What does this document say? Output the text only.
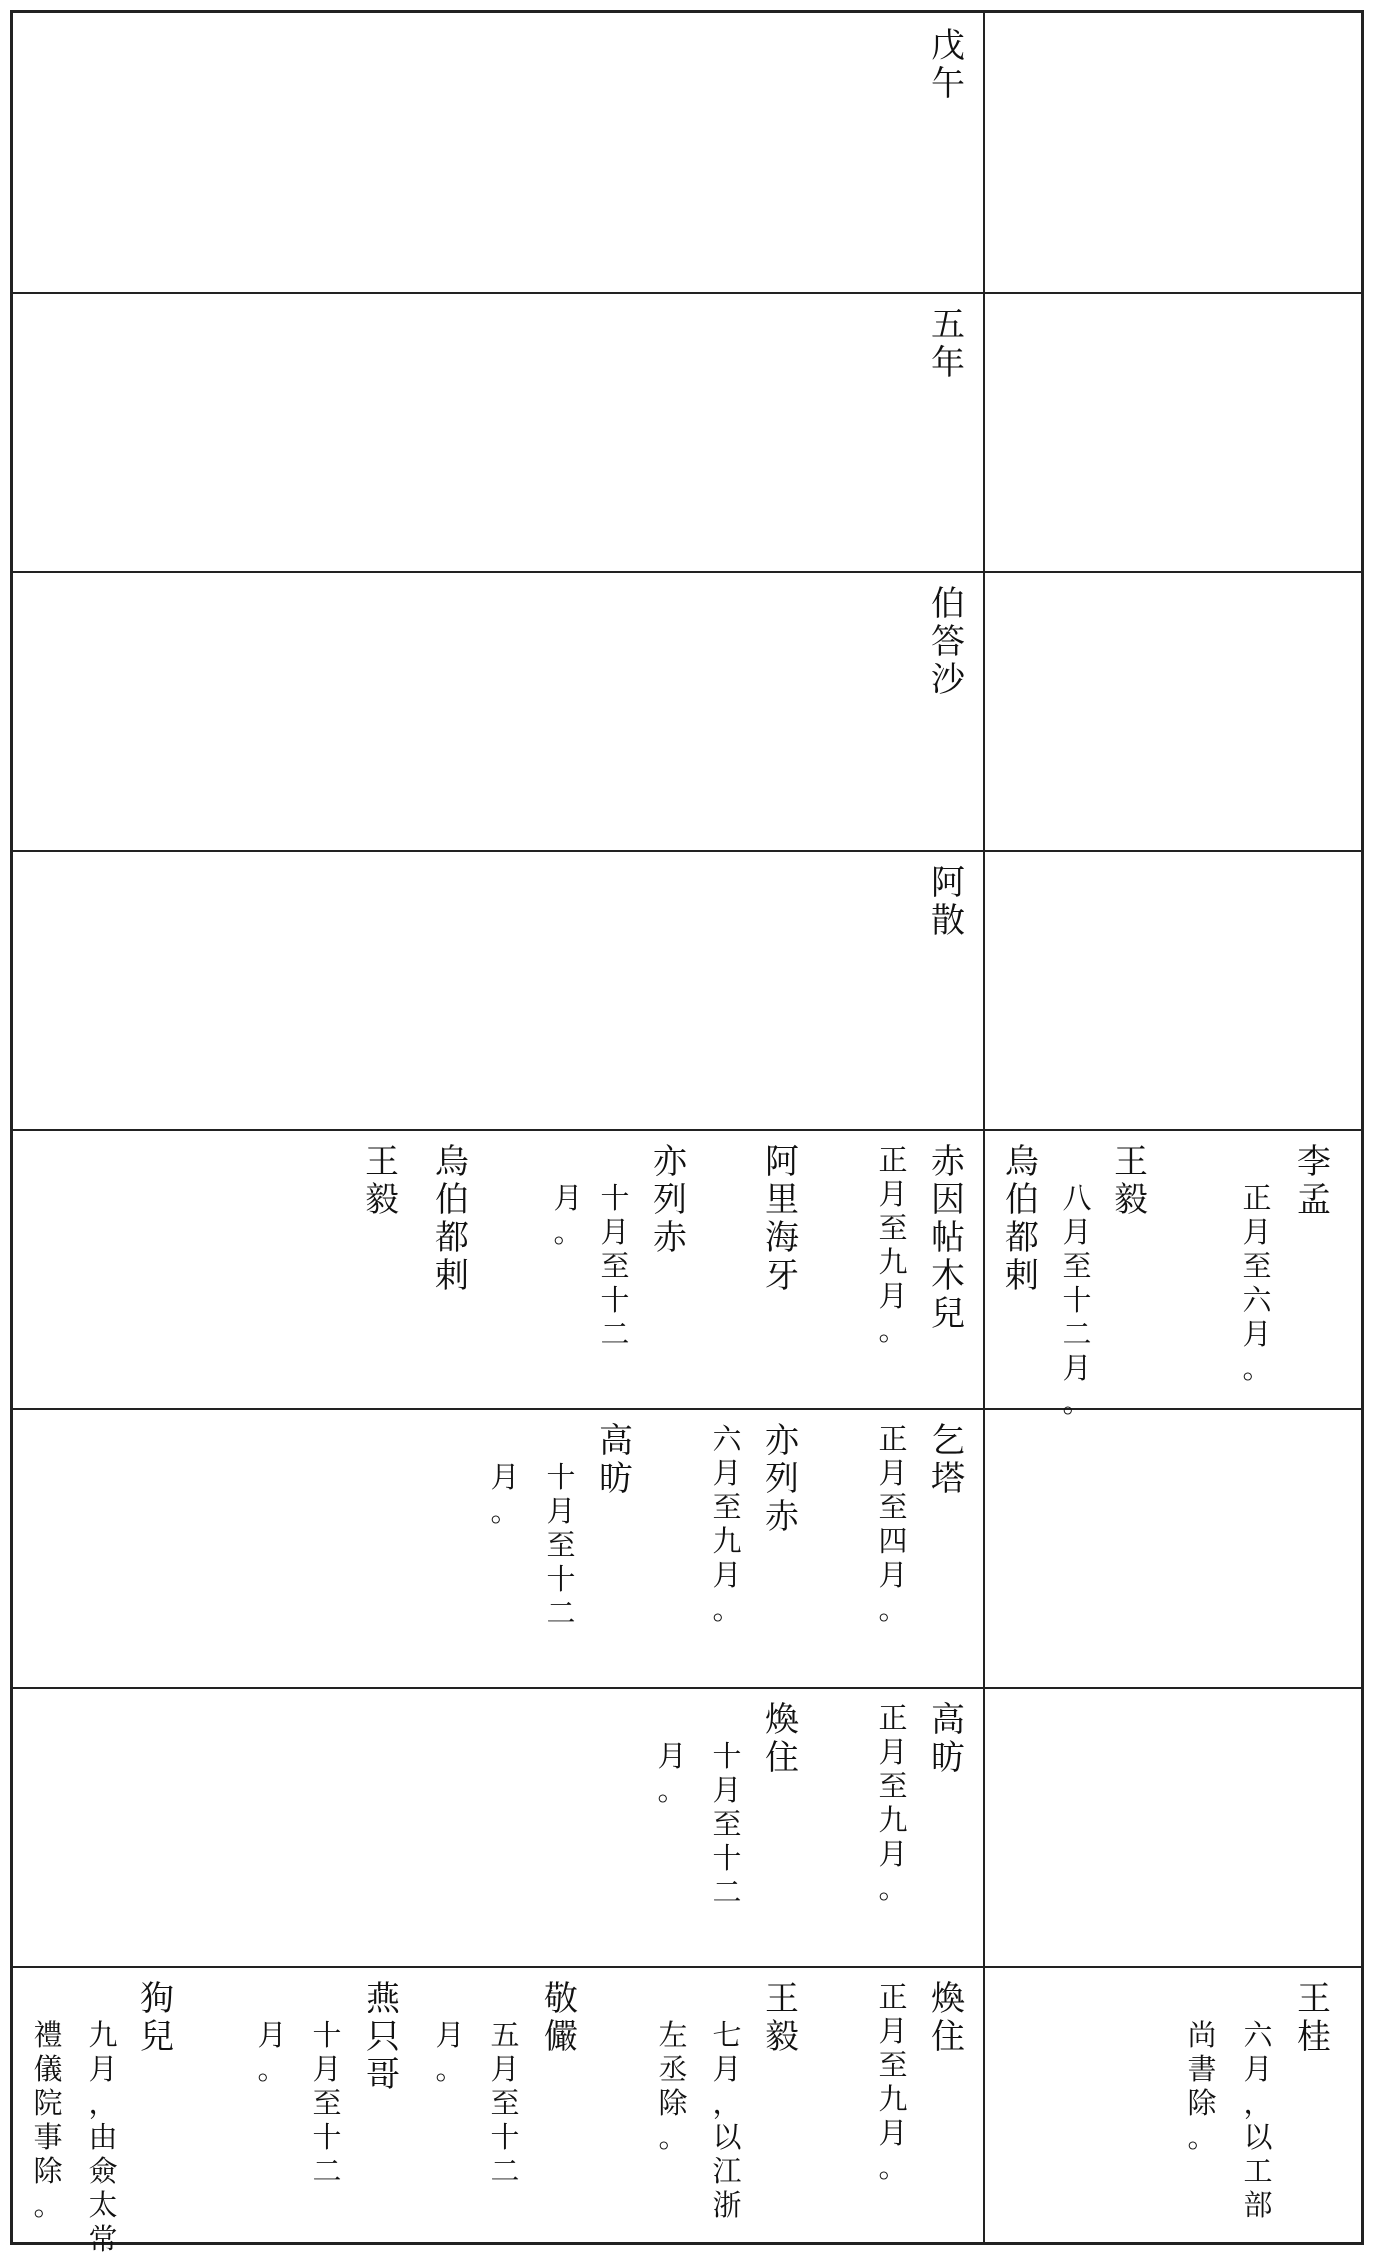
戊
午
五
年
伯
答
沙
阿
散
赤
因
帖
木
兒
正
月
至
九
月
。
阿
里
海
牙
亦
列
赤
十
月
至
十
二
月
。
烏
伯
都
剌
王
毅
李
孟
正
月
至
六
月
。
王
毅
八
月
至
十
二
月
。
烏
伯
都
剌
乞
塔
正
月
至
四
月
。
亦
列
赤
六
月
至
九
月
。
高
昉
十
月
至
十
二
月
。
高
昉
正
月
至
九
月
。
煥
住
十
月
至
十
二
月
。
煥
住
正
月
至
九
月
。
王
毅
七
月
，
以
江
浙
左
丞
除
。
敬
儼
五
月
至
十
二
月
。
燕
只
哥
十
月
至
十
二
月
。
狗
兒
九
月
，
由
僉
太
常
禮
儀
院
事
除
。
王
桂
六
月
，
以
工
部
尚
書
除
。
